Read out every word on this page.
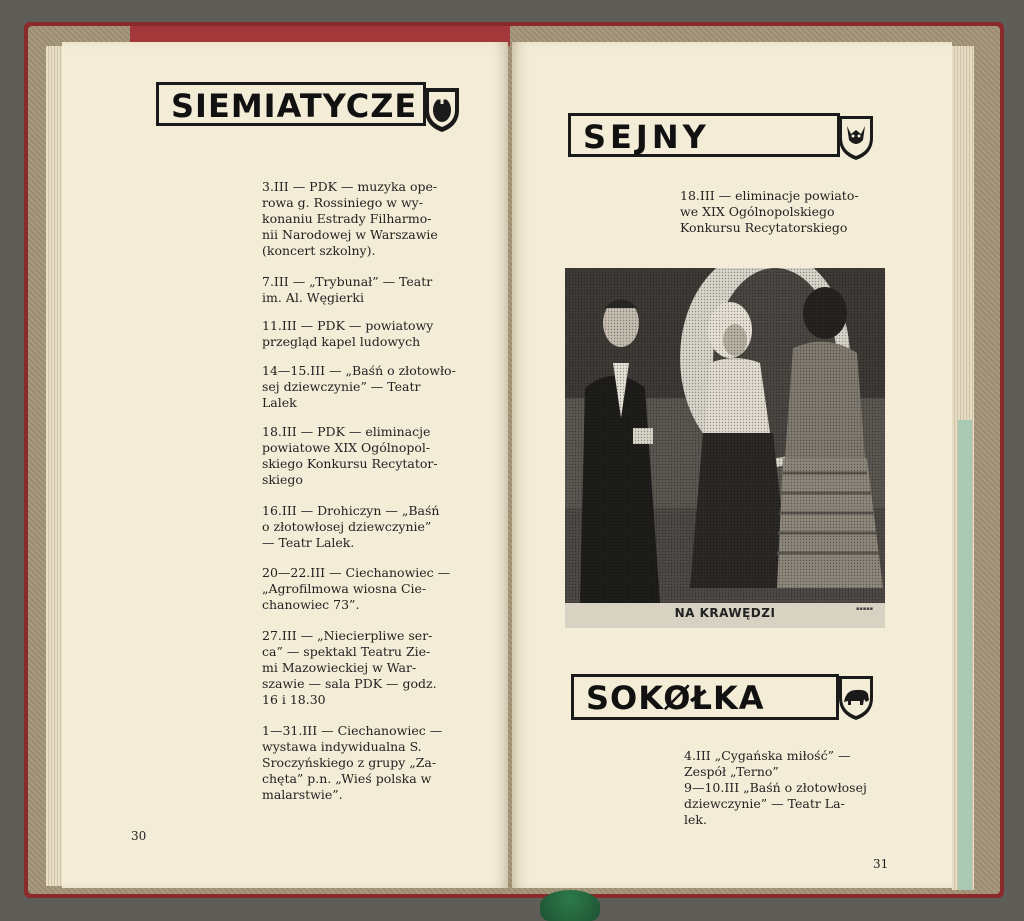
SIEMIATYCZE
3.III — PDK — muzyka ope-
rowa g. Rossiniego w wy-
konaniu Estrady Filharmo-
nii Narodowej w Warszawie
(koncert szkolny).
7.III — „Trybunał” — Teatr
im. Al. Węgierki
11.III — PDK — powiatowy
przegląd kapel ludowych
14—15.III — „Baśń o złotowło-
sej dziewczynie” — Teatr
Lalek
18.III — PDK — eliminacje
powiatowe XIX Ogólnopol-
skiego Konkursu Recytator-
skiego
16.III — Drohiczyn — „Baśń
o złotowłosej dziewczynie”
— Teatr Lalek.
20—22.III — Ciechanowiec —
„Agrofilmowa wiosna Cie-
chanowiec 73”.
27.III — „Niecierpliwe ser-
ca” — spektakl Teatru Zie-
mi Mazowieckiej w War-
szawie — sala PDK — godz.
16 i 18.30
1—31.III — Ciechanowiec —
wystawa indywidualna S.
Sroczyńskiego z grupy „Za-
chęta” p.n. „Wieś polska w
malarstwie”.
30
SEJNY
18.III — eliminacje powiato-
we XIX Ogólnopolskiego
Konkursu Recytatorskiego
NA KRAWĘDZI	▪▪▪▪▪
SOKØŁKA
4.III „Cygańska miłość” —
Zespół „Terno”
9—10.III „Baśń o złotowłosej
dziewczynie” — Teatr La-
lek.
31
